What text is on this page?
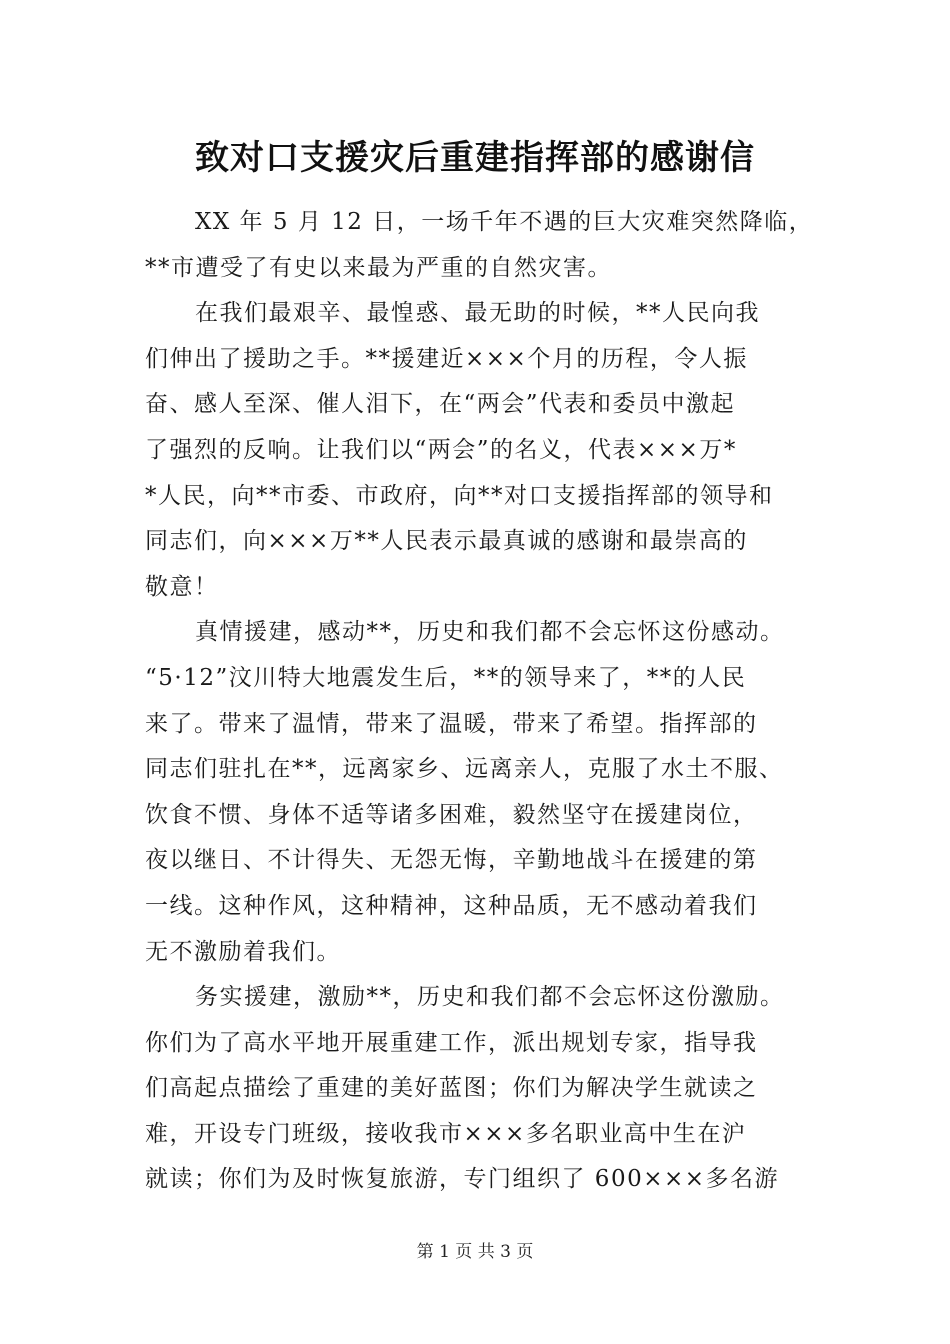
致对口支援灾后重建指挥部的感谢信
XX 年 5 月 12 日，一场千年不遇的巨大灾难突然降临，
**市遭受了有史以来最为严重的自然灾害。
在我们最艰辛、最惶惑、最无助的时候，**人民向我
们伸出了援助之手。**援建近×××个月的历程，令人振
奋、感人至深、催人泪下，在“两会”代表和委员中激起
了强烈的反响。让我们以“两会”的名义，代表×××万*
*人民，向**市委、市政府，向**对口支援指挥部的领导和
同志们，向×××万**人民表示最真诚的感谢和最崇高的
敬意！
真情援建，感动**，历史和我们都不会忘怀这份感动。
“5·12”汶川特大地震发生后，**的领导来了，**的人民
来了。带来了温情，带来了温暖，带来了希望。指挥部的
同志们驻扎在**，远离家乡、远离亲人，克服了水土不服、
饮食不惯、身体不适等诸多困难，毅然坚守在援建岗位，
夜以继日、不计得失、无怨无悔，辛勤地战斗在援建的第
一线。这种作风，这种精神，这种品质，无不感动着我们
无不激励着我们。
务实援建，激励**，历史和我们都不会忘怀这份激励。
你们为了高水平地开展重建工作，派出规划专家，指导我
们高起点描绘了重建的美好蓝图；你们为解决学生就读之
难，开设专门班级，接收我市×××多名职业高中生在沪
就读；你们为及时恢复旅游，专门组织了 600×××多名游
第 1 页 共 3 页
